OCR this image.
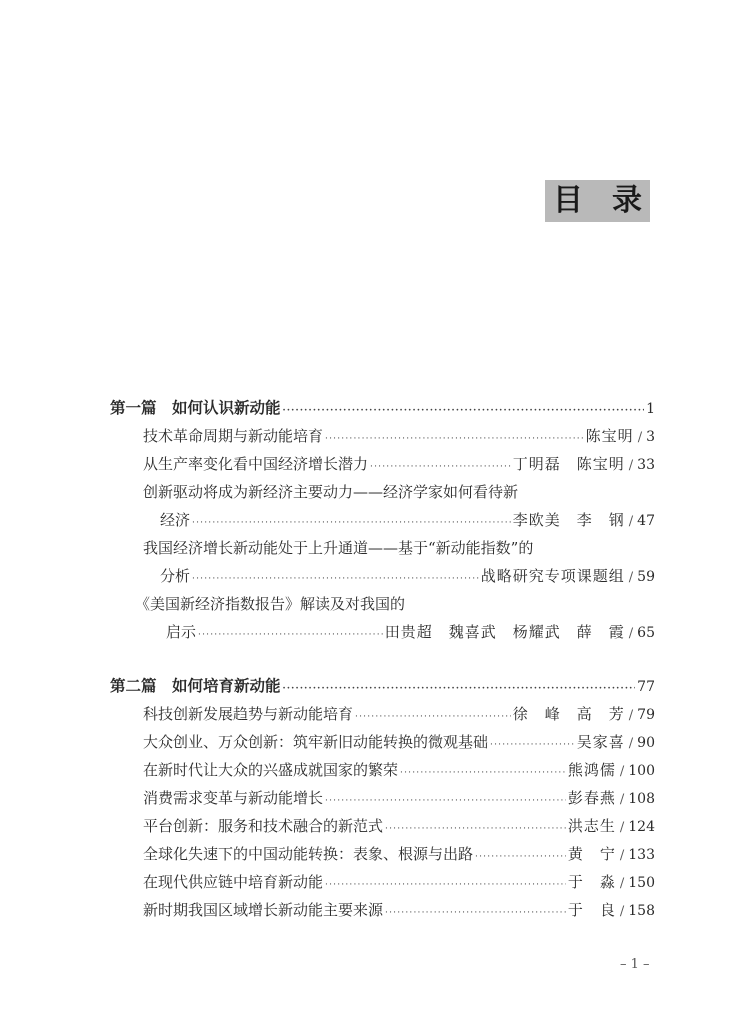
目 录
第一篇　如何认识新动能 ·····	1
技术革命周期与新动能培育 ·····	陈宝明 / 3
从生产率变化看中国经济增长潜力 ·····	丁明磊　陈宝明 / 33
创新驱动将成为新经济主要动力——经济学家如何看待新
经济 ·····	李欧美　李　钢 / 47
我国经济增长新动能处于上升通道——基于“新动能指数”的
分析 ·····	战略研究专项课题组 / 59
《美国新经济指数报告》解读及对我国的
启示 ·····	田贵超　魏喜武　杨耀武　薛　霞 / 65
第二篇　如何培育新动能 ·····	77
科技创新发展趋势与新动能培育 ·····	徐　峰　高　芳 / 79
大众创业、万众创新：筑牢新旧动能转换的微观基础 ·····	吴家喜 / 90
在新时代让大众的兴盛成就国家的繁荣 ·····	熊鸿儒 / 100
消费需求变革与新动能增长 ·····	彭春燕 / 108
平台创新：服务和技术融合的新范式 ·····	洪志生 / 124
全球化失速下的中国动能转换：表象、根源与出路 ·····	黄　宁 / 133
在现代供应链中培育新动能 ·····	于　淼 / 150
新时期我国区域增长新动能主要来源 ·····	于　良 / 158
– 1 –
